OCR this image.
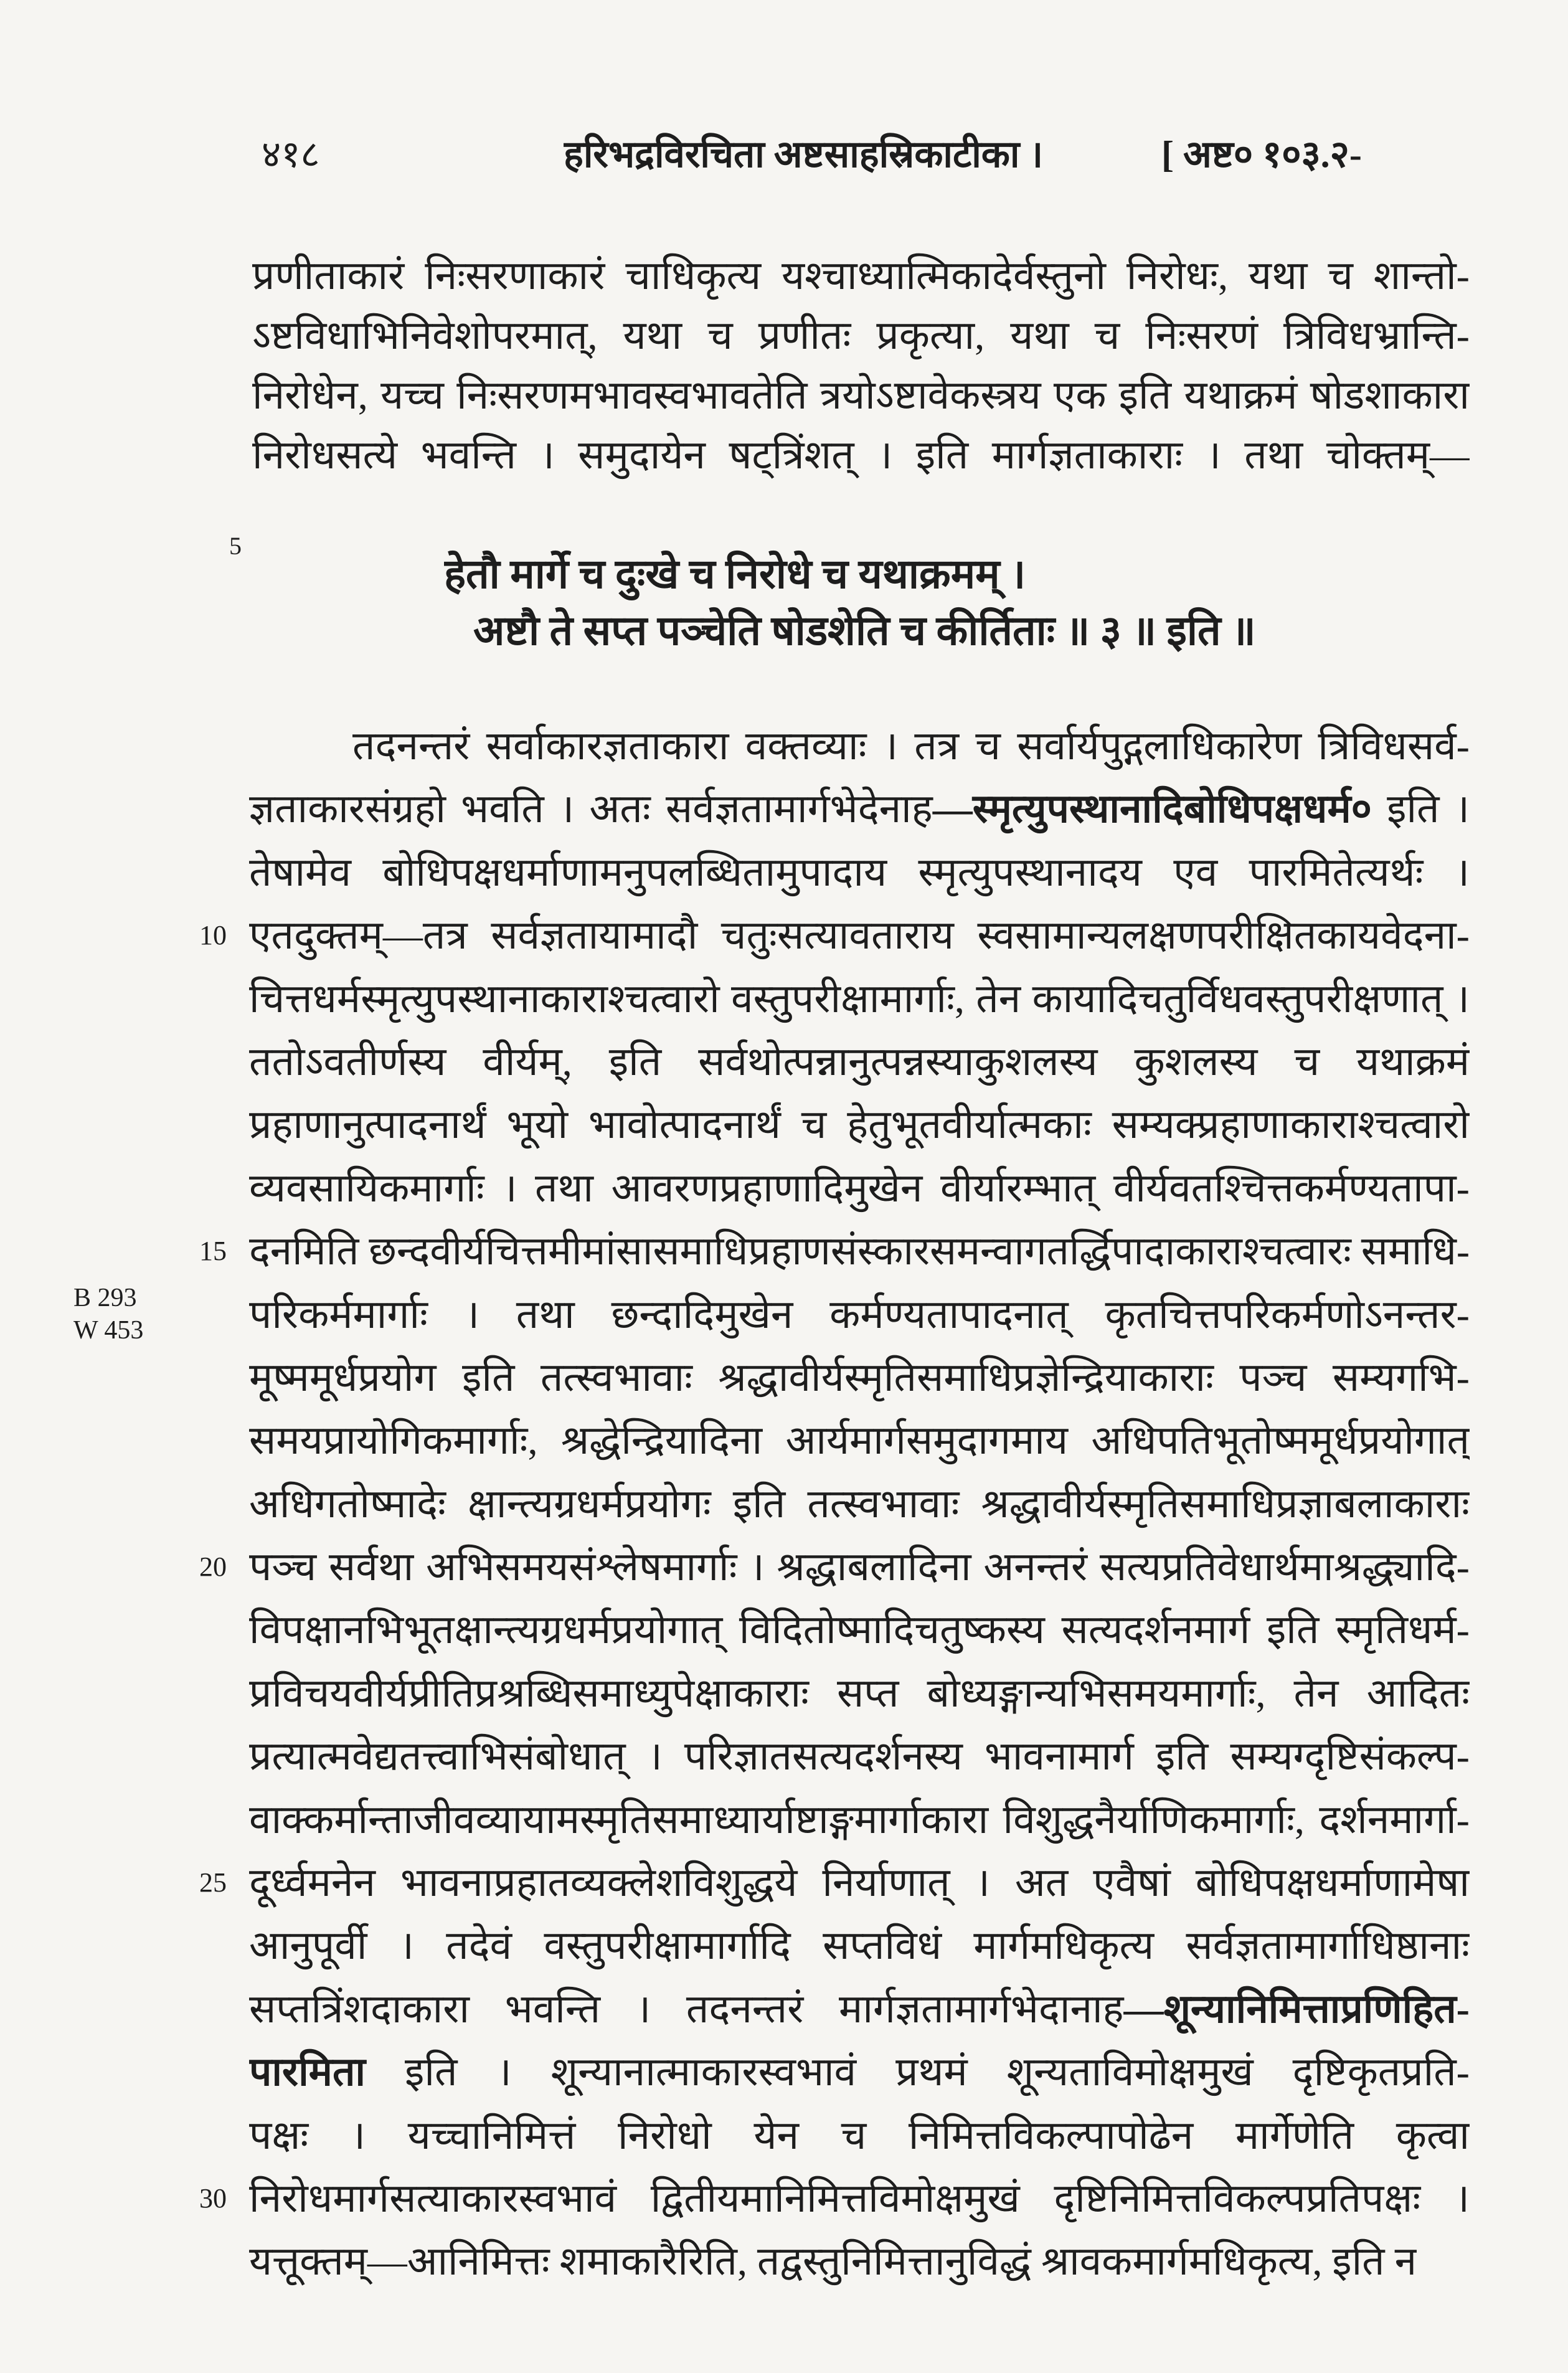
४१८	हरिभद्रविरचिता अष्टसाहस्रिकाटीका ।	[ अष्ट० १०३.२-
प्रणीताकारं निःसरणाकारं चाधिकृत्य यश्चाध्यात्मिकादेर्वस्तुनो निरोधः, यथा च शान्तो-
ऽष्टविधाभिनिवेशोपरमात्, यथा च प्रणीतः प्रकृत्या, यथा च निःसरणं त्रिविधभ्रान्ति-
निरोधेन, यच्च निःसरणमभावस्वभावतेति त्रयोऽष्टावेकस्त्रय एक इति यथाक्रमं षोडशाकारा
निरोधसत्ये भवन्ति । समुदायेन षट्त्रिंशत् । इति मार्गज्ञताकाराः । तथा चोक्तम्—
5
हेतौ मार्गे च दुःखे च निरोधे च यथाक्रमम् ।
अष्टौ ते सप्त पञ्चेति षोडशेति च कीर्तिताः ॥ ३ ॥ इति ॥
तदनन्तरं सर्वाकारज्ञताकारा वक्तव्याः । तत्र च सर्वार्यपुद्गलाधिकारेण त्रिविधसर्व-
ज्ञताकारसंग्रहो भवति । अतः सर्वज्ञतामार्गभेदेनाह—स्मृत्युपस्थानादिबोधिपक्षधर्म० इति ।
तेषामेव बोधिपक्षधर्माणामनुपलब्धितामुपादाय स्मृत्युपस्थानादय एव पारमितेत्यर्थः ।
10 एतदुक्तम्—तत्र सर्वज्ञतायामादौ चतुःसत्यावताराय स्वसामान्यलक्षणपरीक्षितकायवेदना-
चित्तधर्मस्मृत्युपस्थानाकाराश्चत्वारो वस्तुपरीक्षामार्गाः, तेन कायादिचतुर्विधवस्तुपरीक्षणात् ।
ततोऽवतीर्णस्य वीर्यम्, इति सर्वथोत्पन्नानुत्पन्नस्याकुशलस्य कुशलस्य च यथाक्रमं
प्रहाणानुत्पादनार्थं भूयो भावोत्पादनार्थं च हेतुभूतवीर्यात्मकाः सम्यक्प्रहाणाकाराश्चत्वारो
व्यवसायिकमार्गाः । तथा आवरणप्रहाणादिमुखेन वीर्यारम्भात् वीर्यवतश्चित्तकर्मण्यतापा-
15 दनमिति छन्दवीर्यचित्तमीमांसासमाधिप्रहाणसंस्कारसमन्वागतर्द्धिपादाकाराश्चत्वारः समाधि-
परिकर्ममार्गाः । तथा छन्दादिमुखेन कर्मण्यतापादनात् कृतचित्तपरिकर्मणोऽनन्तर-
मूष्ममूर्धप्रयोग इति तत्स्वभावाः श्रद्धावीर्यस्मृतिसमाधिप्रज्ञेन्द्रियाकाराः पञ्च सम्यगभि-
समयप्रायोगिकमार्गाः, श्रद्धेन्द्रियादिना आर्यमार्गसमुदागमाय अधिपतिभूतोष्ममूर्धप्रयोगात्
अधिगतोष्मादेः क्षान्त्यग्रधर्मप्रयोगः इति तत्स्वभावाः श्रद्धावीर्यस्मृतिसमाधिप्रज्ञाबलाकाराः
20 पञ्च सर्वथा अभिसमयसंश्लेषमार्गाः । श्रद्धाबलादिना अनन्तरं सत्यप्रतिवेधार्थमाश्रद्ध्यादि-
विपक्षानभिभूतक्षान्त्यग्रधर्मप्रयोगात् विदितोष्मादिचतुष्कस्य सत्यदर्शनमार्ग इति स्मृतिधर्म-
प्रविचयवीर्यप्रीतिप्रश्रब्धिसमाध्युपेक्षाकाराः सप्त बोध्यङ्गान्यभिसमयमार्गाः, तेन आदितः
प्रत्यात्मवेद्यतत्त्वाभिसंबोधात् । परिज्ञातसत्यदर्शनस्य भावनामार्ग इति सम्यग्दृष्टिसंकल्प-
वाक्कर्मान्ताजीवव्यायामस्मृतिसमाध्यार्याष्टाङ्गमार्गाकारा विशुद्धनैर्याणिकमार्गाः, दर्शनमार्गा-
25 दूर्ध्वमनेन भावनाप्रहातव्यक्लेशविशुद्धये निर्याणात् । अत एवैषां बोधिपक्षधर्माणामेषा
आनुपूर्वी । तदेवं वस्तुपरीक्षामार्गादि सप्तविधं मार्गमधिकृत्य सर्वज्ञतामार्गाधिष्ठानाः
सप्तत्रिंशदाकारा भवन्ति । तदनन्तरं मार्गज्ञतामार्गभेदानाह—शून्यानिमित्ताप्रणिहित-
पारमिता इति । शून्यानात्माकारस्वभावं प्रथमं शून्यताविमोक्षमुखं दृष्टिकृतप्रति-
पक्षः । यच्चानिमित्तं निरोधो येन च निमित्तविकल्पापोढेन मार्गेणेति कृत्वा
30 निरोधमार्गसत्याकारस्वभावं द्वितीयमानिमित्तविमोक्षमुखं दृष्टिनिमित्तविकल्पप्रतिपक्षः ।
यत्तूक्तम्—आनिमित्तः शमाकारैरिति, तद्वस्तुनिमित्तानुविद्धं श्रावकमार्गमधिकृत्य, इति न
B 293
W 453
